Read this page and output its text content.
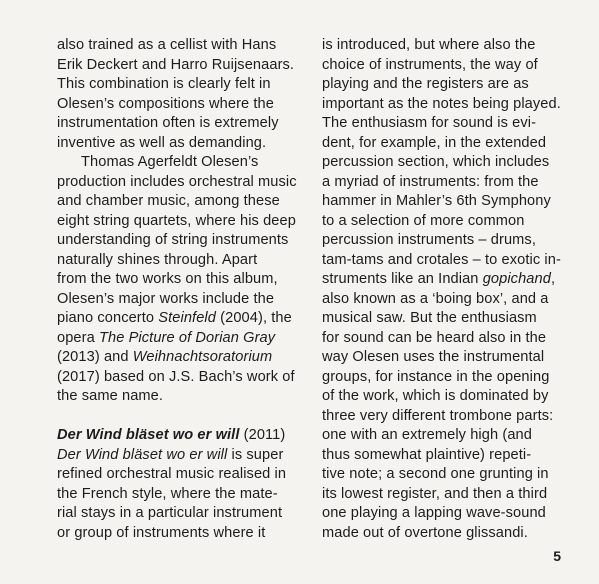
also trained as a cellist with Hans
Erik Deckert and Harro Ruijsenaars.
This combination is clearly felt in
Olesen’s compositions where the
instrumentation often is extremely
inventive as well as demanding.
Thomas Agerfeldt Olesen’s
production includes orchestral music
and chamber music, among these
eight string quartets, where his deep
understanding of string instruments
naturally shines through. Apart
from the two works on this album,
Olesen’s major works include the
piano concerto Steinfeld (2004), the
opera The Picture of Dorian Gray
(2013) and Weihnachtsoratorium
(2017) based on J.S. Bach’s work of
the same name.
Der Wind bläset wo er will (2011)
Der Wind bläset wo er will is super
refined orchestral music realised in
the French style, where the mate-
rial stays in a particular instrument
or group of instruments where it
is introduced, but where also the
choice of instruments, the way of
playing and the registers are as
important as the notes being played.
The enthusiasm for sound is evi-
dent, for example, in the extended
percussion section, which includes
a myriad of instruments: from the
hammer in Mahler’s 6th Symphony
to a selection of more common
percussion instruments – drums,
tam-tams and crotales – to exotic in-
struments like an Indian gopichand,
also known as a ‘boing box’, and a
musical saw. But the enthusiasm
for sound can be heard also in the
way Olesen uses the instrumental
groups, for instance in the opening
of the work, which is dominated by
three very different trombone parts:
one with an extremely high (and
thus somewhat plaintive) repeti-
tive note; a second one grunting in
its lowest register, and then a third
one playing a lapping wave-sound
made out of overtone glissandi.
5
